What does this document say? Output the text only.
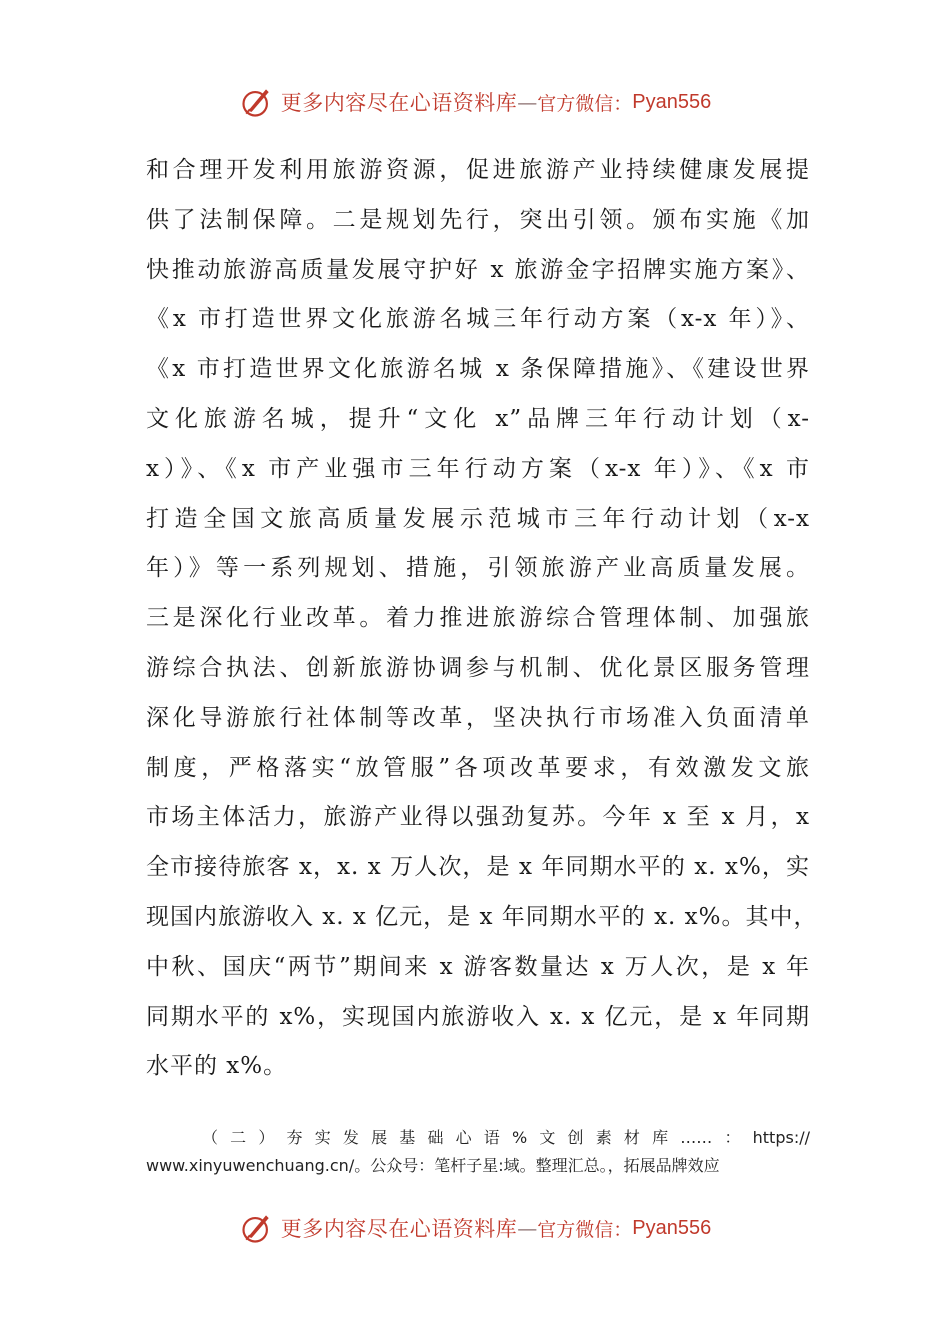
更多内容尽在心语资料库 — 官方微信： Pyan556
和合理开发利用旅游资源，促进旅游产业持续健康发展提
供了法制保障。二是规划先行，突出引领。颁布实施《加
快推动旅游高质量发展守护好 x 旅游金字招牌实施方案》、
《x 市打造世界文化旅游名城三年行动方案（x-x 年）》、
《x 市打造世界文化旅游名城 x 条保障措施》、《建设世界
文化旅游名城，提升“文化 x”品牌三年行动计划（x-
x）》、《x 市产业强市三年行动方案（x-x 年）》、《x 市
打造全国文旅高质量发展示范城市三年行动计划（x-x
年）》等一系列规划、措施，引领旅游产业高质量发展。
三是深化行业改革。着力推进旅游综合管理体制、加强旅
游综合执法、创新旅游协调参与机制、优化景区服务管理
深化导游旅行社体制等改革，坚决执行市场准入负面清单
制度，严格落实“放管服”各项改革要求，有效激发文旅
市场主体活力，旅游产业得以强劲复苏。今年 x 至 x 月，x
全市接待旅客 x，x. x 万人次，是 x 年同期水平的 x. x%，实
现国内旅游收入 x. x 亿元，是 x 年同期水平的 x. x%。其中，
中秋、国庆“两节”期间来 x 游客数量达 x 万人次，是 x 年
同期水平的 x%，实现国内旅游收入 x. x 亿元，是 x 年同期
水平的 x%。
（二）夯实发展基础心语%文创素材库……：https://
www.xinyuwenchuang.cn/。公众号：笔杆子星:域。整理汇总。，拓展品牌效应
更多内容尽在心语资料库 — 官方微信： Pyan556
